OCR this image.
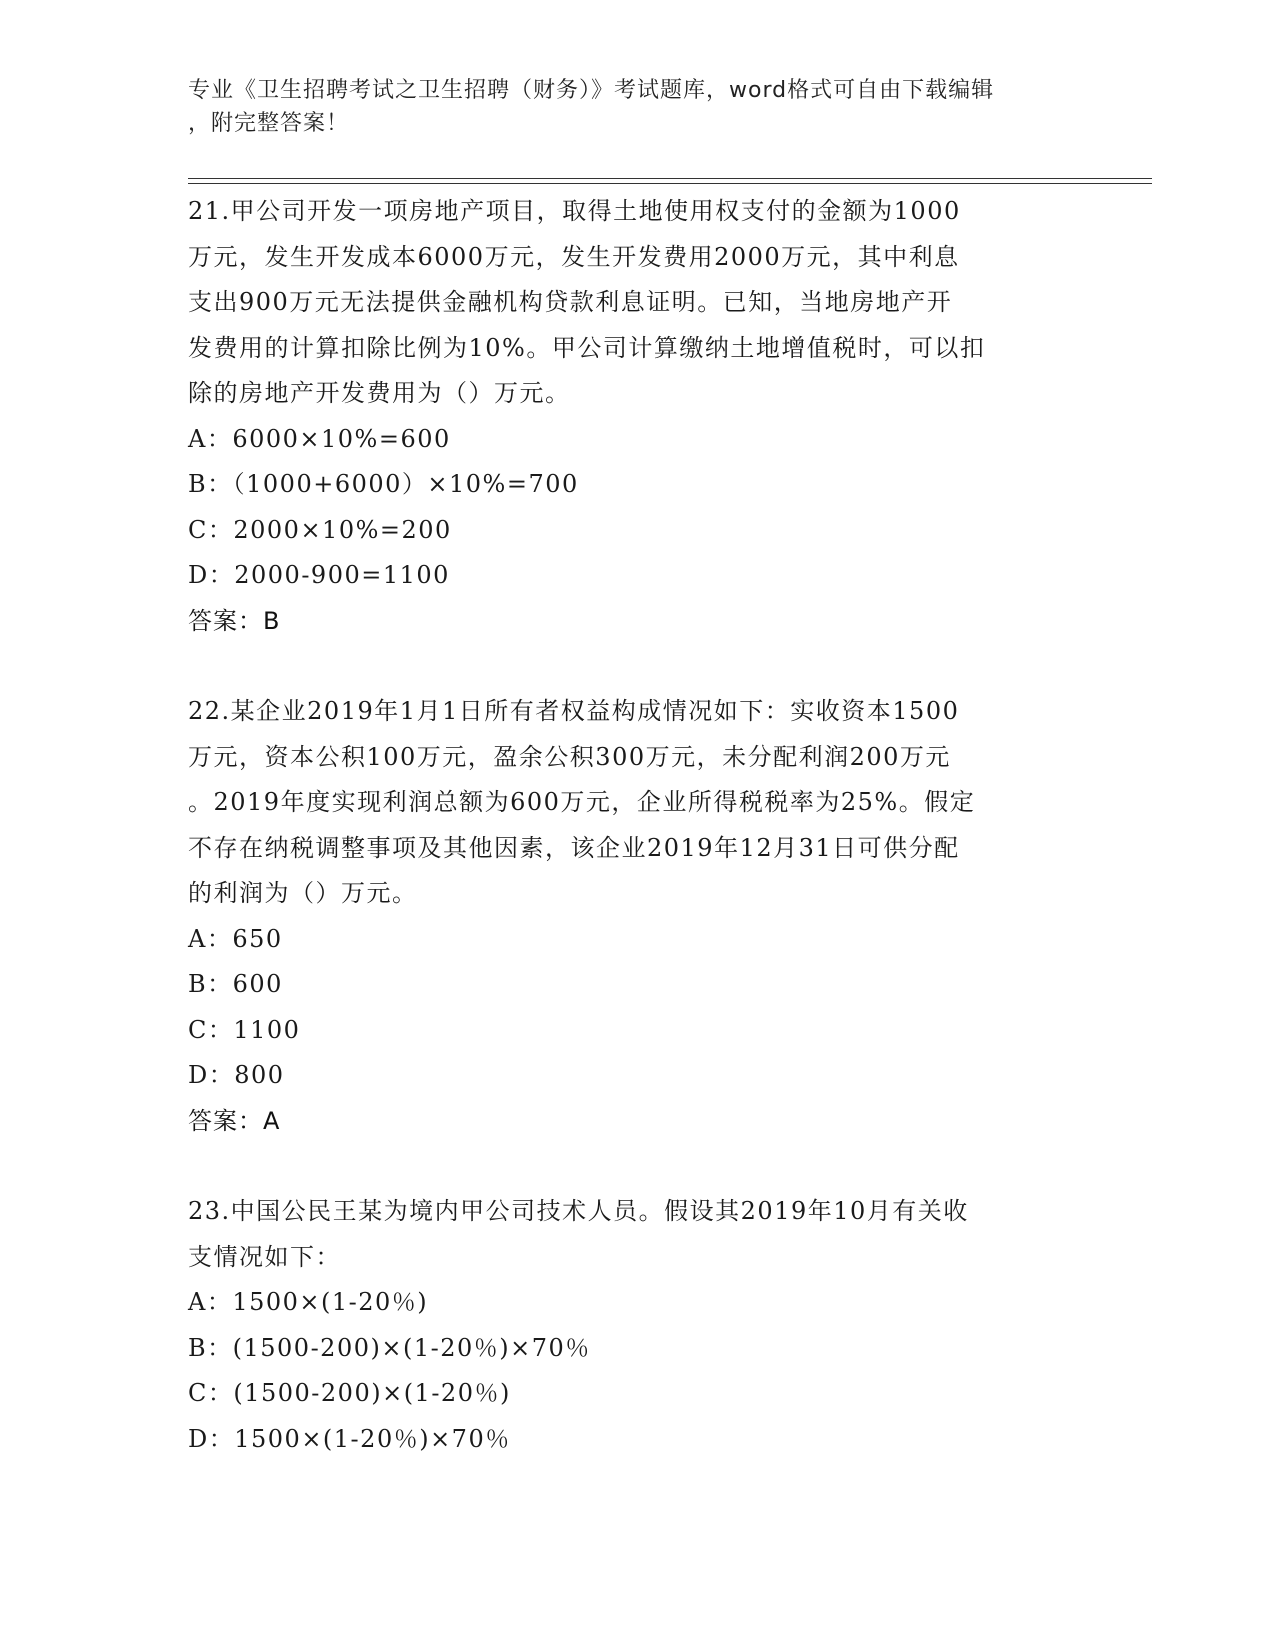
专业《卫生招聘考试之卫生招聘（财务）》考试题库，word格式可自由下载编辑

，附完整答案！

21.甲公司开发一项房地产项目，取得土地使用权支付的金额为1000
万元，发生开发成本6000万元，发生开发费用2000万元，其中利息
支出900万元无法提供金融机构贷款利息证明。已知，当地房地产开
发费用的计算扣除比例为10%。甲公司计算缴纳土地增值税时，可以扣
除的房地产开发费用为（）万元。
A：6000×10%=600
B：（1000+6000）×10%=700
C：2000×10%=200
D：2000-900=1100
答案：B
22.某企业2019年1月1日所有者权益构成情况如下：实收资本1500
万元，资本公积100万元，盈余公积300万元，未分配利润200万元
。2019年度实现利润总额为600万元，企业所得税税率为25%。假定
不存在纳税调整事项及其他因素，该企业2019年12月31日可供分配
的利润为（）万元。
A：650
B：600
C：1100
D：800
答案：A
23.中国公民王某为境内甲公司技术人员。假设其2019年10月有关收
支情况如下：
A：1500×(1-20％)
B：(1500-200)×(1-20％)×70％
C：(1500-200)×(1-20％)
D：1500×(1-20％)×70％
